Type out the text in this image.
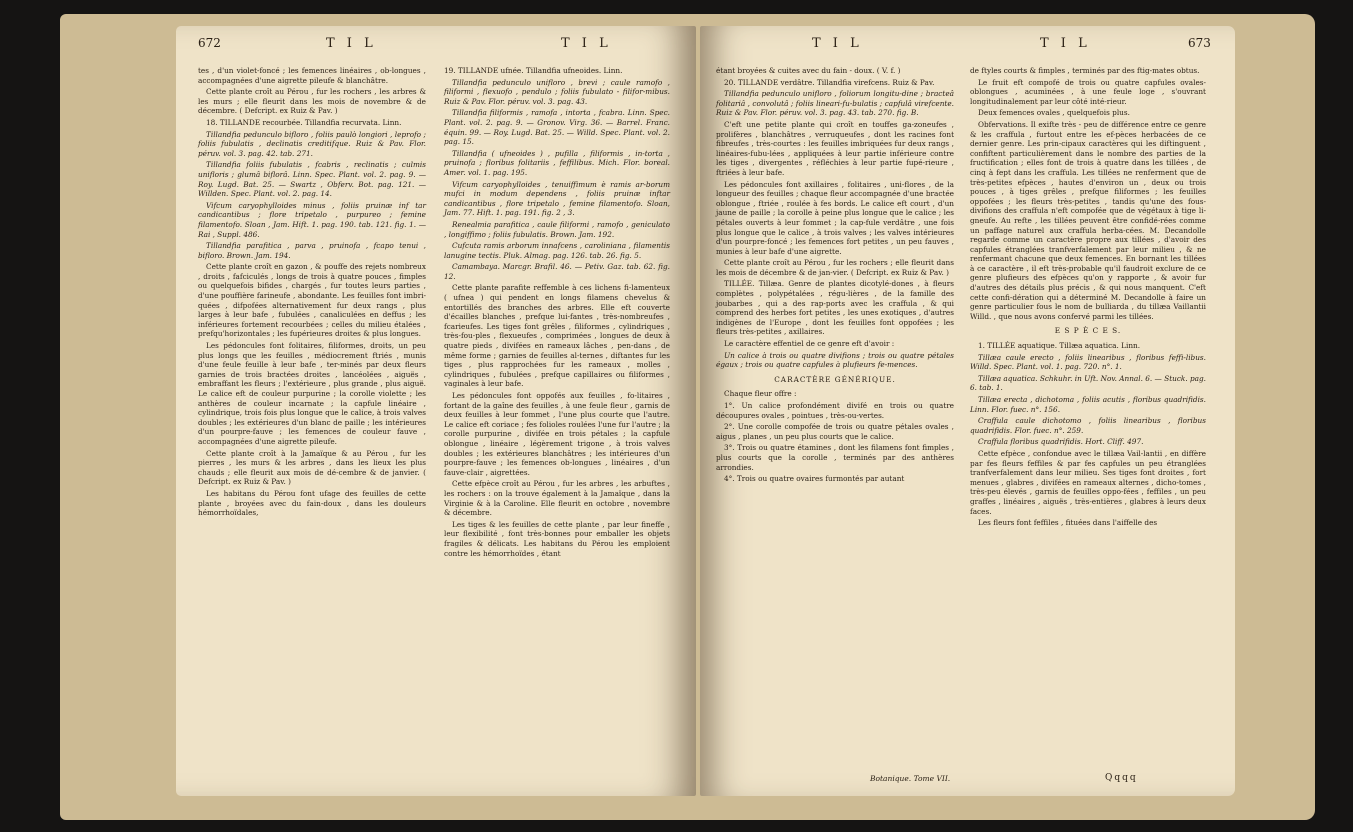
672	T I L	T I L

tes , d'un violet-foncé ; les femences linéaires , ob-longues , accompagnées d'une aigrette pileufe & blanchâtre.

Cette plante croît au Pérou , fur les rochers , les arbres & les murs ; elle fleurit dans les mois de novembre & de décembre. ( Defcript. ex Ruiz & Pav. )

18. TILLANDE recourbée. Tillandfia recurvata. Linn.

Tillandfia pedunculo bifloro , foliis paulò longiori , leprofo ; foliis fubulatis , declinatis creditifque. Ruiz & Pav. Flor. péruv. vol. 3. pag. 42. tab. 271.

Tillandfia foliis fubulatis , fcabris , reclinatis ; culmis unifloris ; glumâ biflorâ. Linn. Spec. Plant. vol. 2. pag. 9. — Roy. Lugd. Bat. 25. — Swartz , Obferv. Bot. pag. 121. — Willden. Spec. Plant. vol. 2. pag. 14.

Vifcum caryophylloides minus , foliis pruinæ inf tar candicantibus ; flore tripetalo , purpureo ; femine filamentofo. Sloan , Jam. Hift. 1. pag. 190. tab. 121. fig. 1. — Rai , Suppl. 486.

Tillandfia parafitica , parva , pruinofa , fcapo tenui , bifloro. Brown. Jam. 194.

Cette plante croît en gazon , & pouffe des rejets nombreux , droits , fafciculés , longs de trois à quatre pouces , fimples ou quelquefois bifides , chargés , fur toutes leurs parties , d'une pouffière farineufe , abondante. Les feuilles font imbri-quées , difpofées alternativement fur deux rangs , plus larges à leur bafe , fubulées , canaliculées en deffus ; les inférieures fortement recourbées ; celles du milieu étalées , prefqu'horizontales ; les fupérieures droites & plus longues.

Les pédoncules font folitaires, filiformes, droits, un peu plus longs que les feuilles , médiocrement ftriés , munis d'une feule feuille à leur bafe , ter-minés par deux fleurs garnies de trois bractées droites , lancéolées , aiguës , embraffant les fleurs ; l'extérieure , plus grande , plus aiguë. Le calice eft de couleur purpurine ; la corolle violette ; les anthères de couleur incarnate ; la capfule linéaire , cylindrique, trois fois plus longue que le calice, à trois valves doubles ; les extérieures d'un blanc de paille ; les intérieures d'un pourpre-fauve ; les femences de couleur fauve , accompagnées d'une aigrette pileufe.

Cette plante croît à la Jamaïque & au Pérou , fur les pierres , les murs & les arbres , dans les lieux les plus chauds ; elle fleurit aux mois de dé-cembre & de janvier. ( Defcript. ex Ruiz & Pav. )

Les habitans du Pérou font ufage des feuilles de cette plante , broyées avec du fain-doux , dans les douleurs hémorrhoïdales,

19. TILLANDE ufnée. Tillandfia ufneoides. Linn.

Tillandfia pedunculo unifloro , brevi ; caule ramofo , filiformi , flexuofo , pendulo ; foliis fubulato - filifor-mibus. Ruiz & Pav. Flor. péruv. vol. 3. pag. 43.

Tillandfia filiformis , ramofa , intorta , fcabra. Linn. Spec. Plant. vol. 2. pag. 9. — Gronov. Virg. 36. — Barrel. Franc. équin. 99. — Roy. Lugd. Bat. 25. — Willd. Spec. Plant. vol. 2. pag. 15.

Tillandfia ( ufneoides ) , pufilla , filiformis , in-torta , pruinofa ; floribus folitariis , feffilibus. Mich. Flor. boreal. Amer. vol. 1. pag. 195.

Vifcum caryophylloides , tenuiffimum è ramis ar-borum mufci in modum dependens , foliis pruinæ inftar candicantibus , flore tripetalo , femine filamentofo. Sloan, Jam. 77. Hift. 1. pag. 191. fig. 2 , 3.

Renealmia parafitica , caule filiformi , ramofo , geniculato , longiffimo ; foliis fubulatis. Brown. Jam. 192.

Cufcuta ramis arborum innafcens , caroliniana , filamentis lanugine tectis. Pluk. Almag. pag. 126. tab. 26. fig. 5.

Camambaya. Marcgr. Brafil. 46. — Petiv. Gaz. tab. 62. fig. 12.

Cette plante parafite reffemble à ces lichens fi-lamenteux ( ufnea ) qui pendent en longs filamens chevelus & entortillés des branches des arbres. Elle eft couverte d'écailles blanches , prefque lui-fantes , très-nombreufes , fcarieufes. Les tiges font grêles , filiformes , cylindriques , très-fou-ples , flexueufes , comprimées , longues de deux à quatre pieds , divifées en rameaux lâches , pen-dans , de même forme ; garnies de feuilles al-ternes , diftantes fur les tiges , plus rapprochées fur les rameaux , molles , cylindriques , fubulées , prefque capillaires ou filiformes , vaginales à leur bafe.

Les pédoncules font oppofés aux feuilles , fo-litaires , fortant de la gaîne des feuilles , à une feule fleur , garnis de deux feuilles à leur fommet , l'une plus courte que l'autre. Le calice eft coriace ; fes folioles roulées l'une fur l'autre ; la corolle purpurine , divifée en trois pétales ; la capfule oblongue , linéaire , légèrement trigone , à trois valves doubles ; les extérieures blanchâtres ; les intérieures d'un pourpre-fauve ; les femences ob-longues , linéaires , d'un fauve-clair , aigrettées.

Cette efpèce croît au Pérou , fur les arbres , les arbuftes , les rochers : on la trouve également à la Jamaïque , dans la Virginie & à la Caroline. Elle fleurit en octobre , novembre & décembre.

Les tiges & les feuilles de cette plante , par leur fineffe , leur flexibilité , font très-bonnes pour emballer les objets fragiles & délicats. Les habitans du Pérou les emploient contre les hémorrhoïdes , étant

T I L	T I L	673

étant broyées & cuites avec du fain - doux. ( V. f. )

20. TILLANDE verdâtre. Tillandfia virefcens. Ruiz & Pav.

Tillandfia pedunculo unifloro , foliorum longitu-dine ; bracteâ folitariâ , convolutâ ; foliis lineari-fu-bulatis ; capfulâ virefcente. Ruiz & Pav. Flor. péruv. vol. 3. pag. 43. tab. 270. fig. B.

C'eft une petite plante qui croît en touffes ga-zoneufes , prolifères , blanchâtres , verruqueufes , dont les racines font fibreufes , très-courtes : les feuilles imbriquées fur deux rangs , linéaires-fubu-lées , appliquées à leur partie inférieure contre les tiges , divergentes , réfléchies à leur partie fupé-rieure , ftriées à leur bafe.

Les pédoncules font axillaires , folitaires , uni-flores , de la longueur des feuilles ; chaque fleur accompagnée d'une bractée oblongue , ftriée , roulée à fes bords. Le calice eft court , d'un jaune de paille ; la corolle à peine plus longue que le calice ; les pétales ouverts à leur fommet ; la cap-fule verdâtre , une fois plus longue que le calice , à trois valves ; les valves intérieures d'un pourpre-foncé ; les femences fort petites , un peu fauves , munies à leur bafe d'une aigrette.

Cette plante croît au Pérou , fur les rochers ; elle fleurit dans les mois de décembre & de jan-vier. ( Defcript. ex Ruiz & Pav. )

TILLÉE. Tillæa. Genre de plantes dicotylé-dones , à fleurs complètes , polypétalées , régu-lières , de la famille des joubarbes , qui a des rap-ports avec les craffula , & qui comprend des herbes fort petites , les unes exotiques , d'autres indigènes de l'Europe , dont les feuilles font oppofées ; les fleurs très-petites , axillaires.

Le caractère effentiel de ce genre eft d'avoir :

Un calice à trois ou quatre divifions ; trois ou quatre pétales égaux ; trois ou quatre capfules à plufieurs fe-mences.

CARACTÈRE GÉNÉRIQUE.

Chaque fleur offre :

1°. Un calice profondément divifé en trois ou quatre découpures ovales , pointues , très-ou-vertes.

2°. Une corolle compofée de trois ou quatre pétales ovales , aigus , planes , un peu plus courts que le calice.

3°. Trois ou quatre étamines , dont les filamens font fimples , plus courts que la corolle , terminés par des anthères arrondies.

4°. Trois ou quatre ovaires furmontés par autant

de ftyles courts & fimples , terminés par des ftig-mates obtus.

Le fruit eft compofé de trois ou quatre capfules ovales-oblongues , acuminées , à une feule loge , s'ouvrant longitudinalement par leur côté inté-rieur.

Deux femences ovales , quelquefois plus.

Obfervations. Il exifte très - peu de différence entre ce genre & les craffula , furtout entre les ef-pèces herbacées de ce dernier genre. Les prin-cipaux caractères qui les diftinguent , confiftent particulièrement dans le nombre des parties de la fructification ; elles font de trois à quatre dans les tillées , de cinq à fept dans les craffula. Les tillées ne renferment que de très-petites efpèces , hautes d'environ un , deux ou trois pouces , à tiges grêles , prefque filiformes ; les feuilles oppofées ; les fleurs très-petites , tandis qu'une des fous-divifions des craffula n'eft compofée que de végétaux à tige li-gneufe. Au refte , les tillées peuvent être confidé-rées comme un paffage naturel aux craffula herba-cées. M. Decandolle regarde comme un caractère propre aux tillées , d'avoir des capfules étranglées tranfverfalement par leur milieu , & ne renfermant chacune que deux femences. En bornant les tillées à ce caractère , il eft très-probable qu'il faudroit exclure de ce genre plufieurs des efpèces qu'on y rapporte , & avoir fur d'autres des détails plus précis , & qui nous manquent. C'eft cette confi-dération qui a déterminé M. Decandolle à faire un genre particulier fous le nom de bulliarda , du tillæa Vaillantii Willd. , que nous avons confervé parmi les tillées.

E S P È C E S.

1. TILLÉE aquatique. Tillæa aquatica. Linn.

Tillæa caule erecto , foliis linearibus , floribus feffi-libus. Willd. Spec. Plant. vol. 1. pag. 720. n°. 1.

Tillæa aquatica. Schkuhr. in Uft. Nov. Annal. 6. — Stuck. pag. 6. tab. 1.

Tillæa erecta , dichotoma , foliis acutis , floribus quadrifidis. Linn. Flor. fuec. n°. 156.

Craffula caule dichotomo , foliis linearibus , floribus quadrifidis. Flor. fuec. n°. 259.

Craffula floribus quadrifidis. Hort. Cliff. 497.

Cette efpèce , confondue avec le tillæa Vail-lantii , en diffère par fes fleurs feffiles & par fes capfules un peu étranglées tranfverfalement dans leur milieu. Ses tiges font droites , fort menues , glabres , divifées en rameaux alternes , dicho-tomes , très-peu élevés , garnis de feuilles oppo-fées , feffiles , un peu graffes , linéaires , aiguës , très-entières , glabres à leurs deux faces.

Les fleurs font feffiles , fituées dans l'aiffelle des

Botanique. Tome VII.	Qqqq
